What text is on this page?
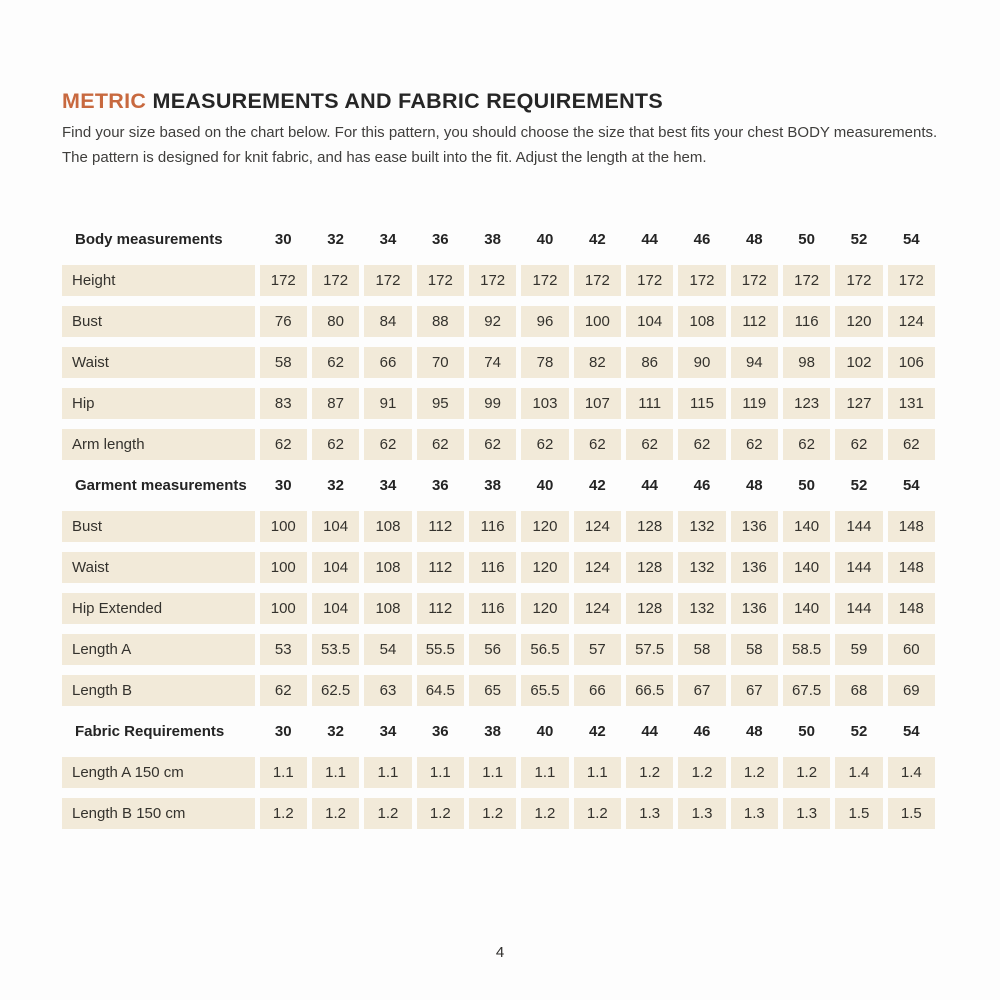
METRIC MEASUREMENTS AND FABRIC REQUIREMENTS
Find your size based on the chart below. For this pattern, you should choose the size that best fits your chest BODY measurements.
The pattern is designed for knit fabric, and has ease built into the fit. Adjust the length at the hem.
Body measurements	30	32	34	36	38	40	42	44	46	48	50	52	54
Height	172	172	172	172	172	172	172	172	172	172	172	172	172
Bust	76	80	84	88	92	96	100	104	108	112	116	120	124
Waist	58	62	66	70	74	78	82	86	90	94	98	102	106
Hip	83	87	91	95	99	103	107	111	115	119	123	127	131
Arm length	62	62	62	62	62	62	62	62	62	62	62	62	62
Garment measurements	30	32	34	36	38	40	42	44	46	48	50	52	54
Bust	100	104	108	112	116	120	124	128	132	136	140	144	148
Waist	100	104	108	112	116	120	124	128	132	136	140	144	148
Hip Extended	100	104	108	112	116	120	124	128	132	136	140	144	148
Length A	53	53.5	54	55.5	56	56.5	57	57.5	58	58	58.5	59	60
Length B	62	62.5	63	64.5	65	65.5	66	66.5	67	67	67.5	68	69
Fabric Requirements	30	32	34	36	38	40	42	44	46	48	50	52	54
Length A 150 cm	1.1	1.1	1.1	1.1	1.1	1.1	1.1	1.2	1.2	1.2	1.2	1.4	1.4
Length B 150 cm	1.2	1.2	1.2	1.2	1.2	1.2	1.2	1.3	1.3	1.3	1.3	1.5	1.5
4
